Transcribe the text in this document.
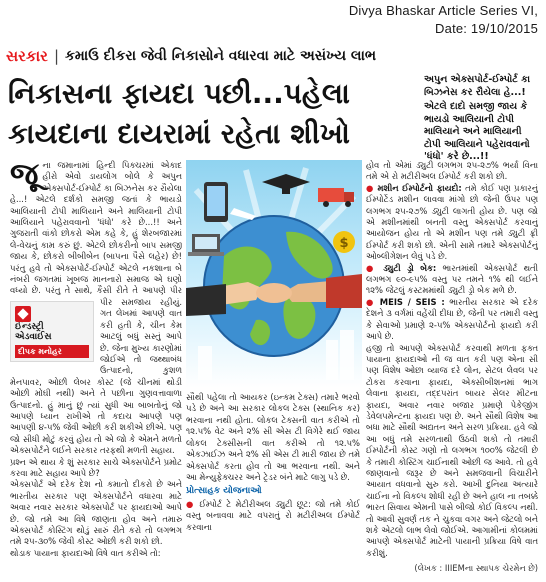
Divya Bhaskar Article Series VI,
Date: 19/10/2015
સરકાર | કમાઉ દીકરા જેવી નિકાસોને વધારવા માટે અસંખ્ય લાભ
નિકાસના ફાયદા પછી...પહેલા
કાયદાના દાયરામાં રહેતા શીખો

અપુન એક્સપોર્ટ-ઈમ્પોર્ટ કા બિઝનેસ કર રૌયેલા હે...!

એટલે દાદો સમજી જાય કે ભાયડો આલિયાની ટોપી માલિયાને અને માલિયાની ટોપી આલિયાને પહેરાવવાનો 'ધંધો' કરે છે...!!

જૂ ના જમાનામાં હિન્દી પિક્ચરમાં એકાદ હીરો એવો ડાયલોગ બોલે કે અપુન એક્સપોર્ટ-ઈમ્પોર્ટ કા બિઝનેસ કર રૌયેલા હે...! એટલે દર્શકો સમજી જતાં કે ભાયડો આલિયાની ટોપી માલિયાને અને માલિયાની ટોપી આલિયાને પહેરાવવાનો 'ધંધો' કરે છે...!! અને ગુજરાતી વાંકો છોકરો એમ કહે કે, હું શેરબજારમાં લે-વેચનું કામ કરું છું. એટલે છોકરીનો બાપ સમજી જાય કે, છોકરો બીબીબેન (બાપના પૈસે લહેર) છે! પરંતુ હવે તો એક્સપોર્ટ-ઈમ્પોર્ટ એટલે નકશાના બે નંબરી જગતમાં ખૂબજ માનનારો સમાજ એ ઘણો વધ્યો છે. પરંતુ તે સાથે, કૈસી રીતે તે આપણે પીર પીર સમજાય રહીયું.
ઈન્ડસ્ટ્રી એડવાઈસ
દીપક મનોહર
ગત લેખમાં આપણે વાત કરી હતી કે, ચીન કેમ આટલું બધું સસ્તું આપે છે. જેના મુખ્ય કારણોમાં જોઈએ તો જથ્થાબંધ ઉત્પાદનો, કુશળ મેનપાવર, ઓછી લેબર કોસ્ટ (જે ચીનમાં થોડી ઓછી મોંઘી નથી) અને તે પછીના ગુણવત્તાવાળા ઉત્પાદનો. હું માનું છું ત્યાં સુધી આ બાબતોનું જો આપણે ધ્યાન રાખીએ તો કદાચ આપણે પણ આપણી ૪-૫% જેવી ઓછી કરી શકીએ છીએ. પણ જો સીધી મોટું કરવું હોય તો એ જો કે એમને મળતો એક્સપોર્ટને લઈને સરકાર તરફથી મળતી સહાય.

પ્રશ્ન એ થાય કે શું સરકાર સાચે એક્સપોર્ટને પ્રમોટ કરવા માટે સહાય આપે છે?

એક્સપોર્ટ એ દરેક દેશ નો કમાતો દીકરો છે અને ભારતીય સરકાર પણ એક્સપોર્ટને વધારવા માટે અવાર નવાર સરકાર એક્સપોર્ટ પર ફાયદાઓ આપે છે. જો તમે આ વિષે જાણતા હોવ અને તમારું એક્સપોર્ટ કોસ્ટિંગ થોડું સારું રીતે કરો તો લગભગ તમે ૨૫-૩૦% જેવી કોસ્ટ ઓછી કરી શકો છો.

થોડાક પાયાના ફાયદાઓ વિષે વાત કરીએ તો:

$
સૌથી પહેલા તો આયકર (ઇન્કમ ટેક્સ) તમારે ભરવો પડે છે અને આ સરકાર લોકલ ટેક્સ (સ્થાનિક કર) ભરવાના નથી હોતા. લોકલ ટેક્સની વાત કરીએ તો ૧૨.૫% વેટ અને ૨% સી એસ ટી વિગેરે થઈ જાય

લોકલ ટેક્સીસની વાત કરીએ તો ૧૨.૫% એકઝાઈઝ અને ૨% સી એસ ટી મારી જાય છે તમે એક્સપોર્ટ કરતા હોવ તો આ ભરવાના નથી. અને આ મેન્યુફેક્ચરર અને ટ્રેડર બંને માટે લાગુ પડે છે.

પ્રોત્સાહક યોજનાઓ

● ઈમ્પોર્ટ ટે મેટીરીઅલ ડ્યુટી છૂટ: જો તમે કોઈ વસ્તુ બનાવવા માટે વપરાતું રો મટીરીઅલ ઈમ્પોર્ટ કરવાના

હોવ તો એમાં ડ્યુટી લગભગ ૨૫-૨૭% ભર્યા વિના તમે એ રો મટીરીઅલ ઈમ્પોર્ટ કરી શકો છો.

● મશીન ઈમ્પોર્ટનો ફાયદો: તમે કોઈ પણ પ્રકારનું ઈમ્પોર્ટેડ મશીન લાવવા માંગો છો જેની ઉપર પણ લગભગ ૨૫-૨૭% ડ્યુટી લાગતી હોય છે. પણ જો એ મશીનમાંથી બનતી વસ્તુ એક્સપોર્ટ કરવાનું આયોજન હોય તો એ મશીન પણ તમે ડ્યુટી ફ્રી ઈમ્પોર્ટ કરી શકો છો. એની સામે તમારે એક્સપોર્ટનું ઓબ્લીગેશન લેવું પડે છે.

● ડ્યુટી ડ્રો બેક: ભારતમાંથી એક્સપોર્ટ થતી લગભગ ૯૦-૯૫% વસ્તુ પર તમને ૧% થી લઈને ૧૨% જેટલું કસ્ટમમાંથી ડ્યુટી ડ્રો બેક મળે છે.

● MEIS / SEIS : ભારતીય સરકાર એ દરેક દેશને ૩ વર્ગમાં વહેંચી દીધા છે, જેની પર તમારી વસ્તુ કે સેવાઓ પ્રમાણે ૨-૫% એક્સપોર્ટનો ફાયદો કરી આપે છે.

હજી તો આપણે એક્સપોર્ટ કરવાથી મળતા ફક્ત પાયાના ફાયદાઓ ની જ વાત કરી પણ એના સી પણ વિશેષ ઓછા વ્યાજ દરે લોન, સેટલ લેવલ પર ટોકરા કરવાના ફાયદા, એક્સીબીશનમાં ભાગ લેવાના ફાયદા, તદ્દપરાંત બાયર સેલર મીટના ફાયદા, અવાર નવાર બજાર પ્રમાણે પેકેજીંગ ડેવેલપમેન્ટના ફાયદા પણ છે. અને સૌથી વિશેષ આ બધા માટે સૌથી અદ્યતન અને સરળ પ્રક્રિયા. હવે જો આ બધું તમે સરળતાથી ઉઠવી શકો તો તમારી ઈમ્પોર્ટની કોસ્ટ ગણો તો લગભગ ૧૦૦% જેટલી છે કે તમારી કોસ્ટિંગ ચાઈનાથી ઓછી જ આવે. તો હવે જાણવાનો જરૂર છે અને સમજવાની વિચારીને આયાત વધવાનો સુરુ કરો. આખી દુનિયા અત્યારે ચાઈના નો વિકલ્પ શોધી રહી છે અને હાલ ના તબક્કે ભારત સિવાય એમની પાસે બીજો કોઈ વિકલ્પ નથી. તો આવી સુવર્ણ તક ને ચુકવા વગર અને જેટલો બને શકે એટલો લાભ લેવો જોઈએ. આગામીનાં કોલમમાં આપણે એક્સપોર્ટ માટેની પાયાની પ્રક્રિયા વિષે વાત કરીશું.

(લેખક : IIIEMના સ્થાપક ચેરમેન છે)
